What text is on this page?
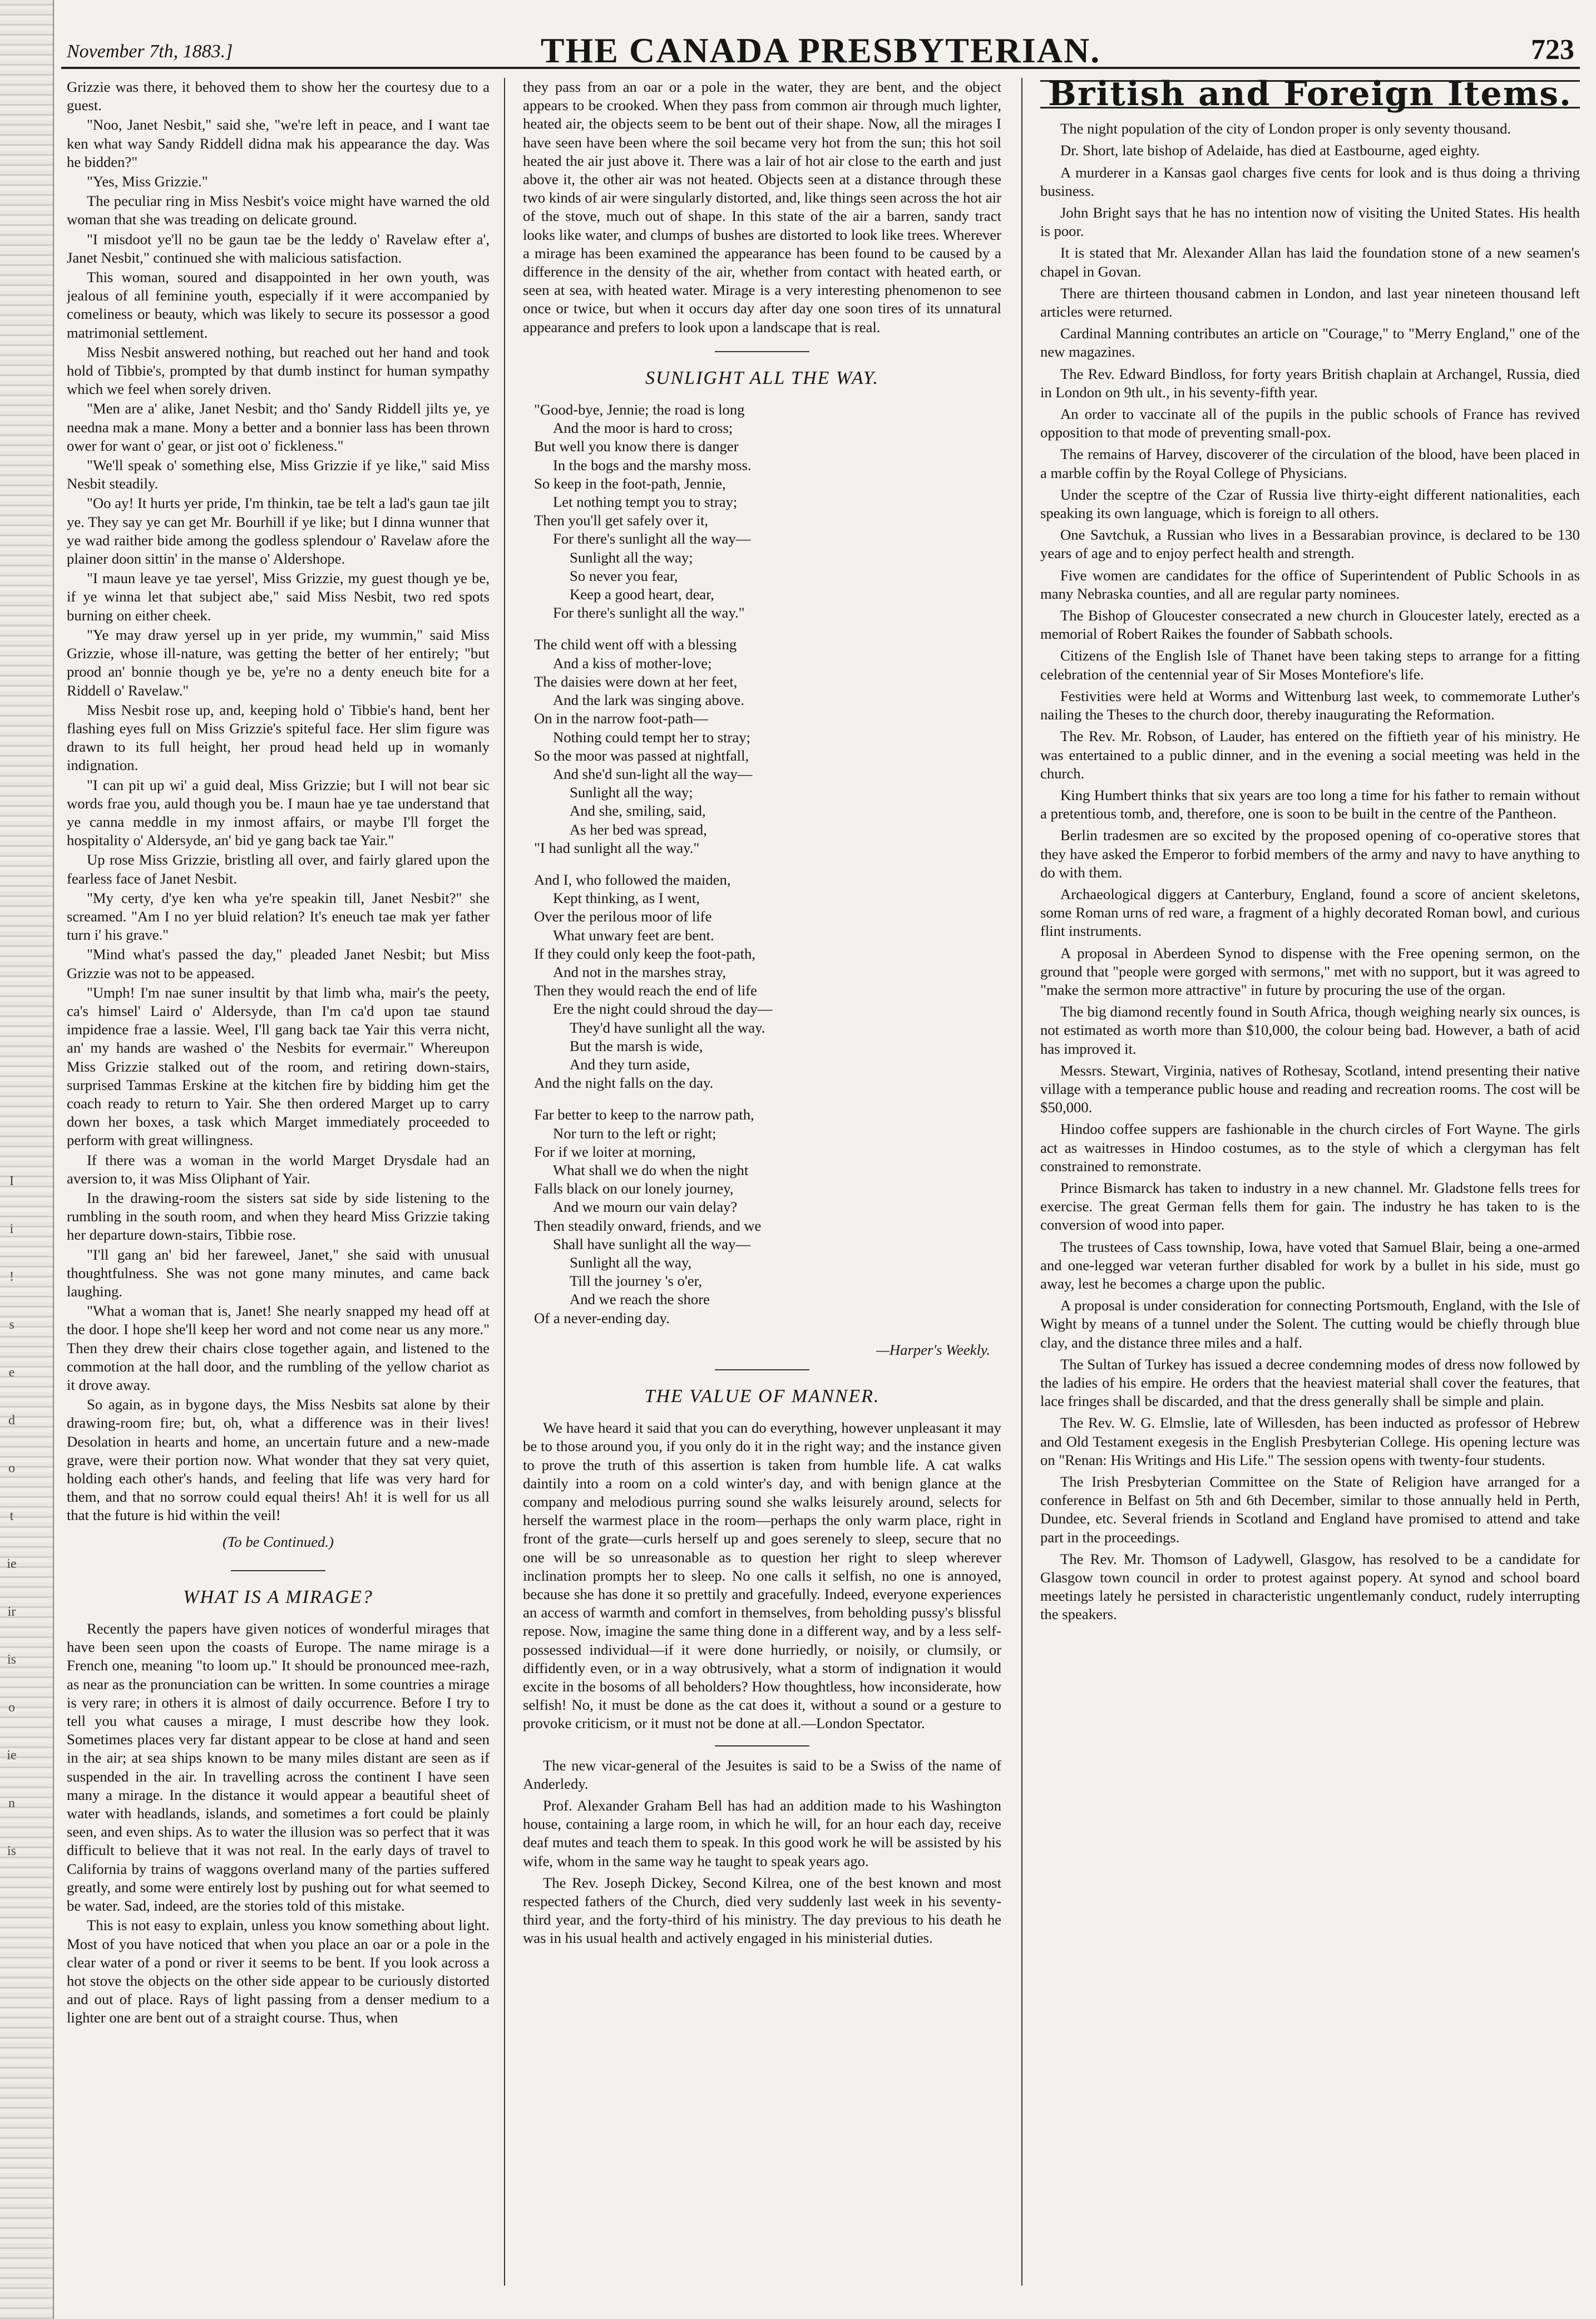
I
i
!
s
e
d
o
t
ie
ir
is
o
ie
n
is
November 7th, 1883.]	THE CANADA PRESBYTERIAN.	723

Grizzie was there, it behoved them to show her the courtesy due to a guest.

"Noo, Janet Nesbit," said she, "we're left in peace, and I want tae ken what way Sandy Riddell didna mak his appearance the day. Was he bidden?"

"Yes, Miss Grizzie."

The peculiar ring in Miss Nesbit's voice might have warned the old woman that she was treading on delicate ground.

"I misdoot ye'll no be gaun tae be the leddy o' Ravelaw efter a', Janet Nesbit," continued she with malicious satisfaction.

This woman, soured and disappointed in her own youth, was jealous of all feminine youth, especially if it were accompanied by comeliness or beauty, which was likely to secure its possessor a good matrimonial settlement.

Miss Nesbit answered nothing, but reached out her hand and took hold of Tibbie's, prompted by that dumb instinct for human sympathy which we feel when sorely driven.

"Men are a' alike, Janet Nesbit; and tho' Sandy Riddell jilts ye, ye needna mak a mane. Mony a better and a bonnier lass has been thrown ower for want o' gear, or jist oot o' fickleness."

"We'll speak o' something else, Miss Grizzie if ye like," said Miss Nesbit steadily.

"Oo ay! It hurts yer pride, I'm thinkin, tae be telt a lad's gaun tae jilt ye. They say ye can get Mr. Bourhill if ye like; but I dinna wunner that ye wad raither bide among the godless splendour o' Ravelaw afore the plainer doon sittin' in the manse o' Aldershope.

"I maun leave ye tae yersel', Miss Grizzie, my guest though ye be, if ye winna let that subject abe," said Miss Nesbit, two red spots burning on either cheek.

"Ye may draw yersel up in yer pride, my wummin," said Miss Grizzie, whose ill-nature, was getting the better of her entirely; "but prood an' bonnie though ye be, ye're no a denty eneuch bite for a Riddell o' Ravelaw."

Miss Nesbit rose up, and, keeping hold o' Tibbie's hand, bent her flashing eyes full on Miss Grizzie's spiteful face. Her slim figure was drawn to its full height, her proud head held up in womanly indignation.

"I can pit up wi' a guid deal, Miss Grizzie; but I will not bear sic words frae you, auld though you be. I maun hae ye tae understand that ye canna meddle in my inmost affairs, or maybe I'll forget the hospitality o' Aldersyde, an' bid ye gang back tae Yair."

Up rose Miss Grizzie, bristling all over, and fairly glared upon the fearless face of Janet Nesbit.

"My certy, d'ye ken wha ye're speakin till, Janet Nesbit?" she screamed. "Am I no yer bluid relation? It's eneuch tae mak yer father turn i' his grave."

"Mind what's passed the day," pleaded Janet Nesbit; but Miss Grizzie was not to be appeased.

"Umph! I'm nae suner insultit by that limb wha, mair's the peety, ca's himsel' Laird o' Aldersyde, than I'm ca'd upon tae staund impidence frae a lassie. Weel, I'll gang back tae Yair this verra nicht, an' my hands are washed o' the Nesbits for evermair." Whereupon Miss Grizzie stalked out of the room, and retiring down-stairs, surprised Tammas Erskine at the kitchen fire by bidding him get the coach ready to return to Yair. She then ordered Marget up to carry down her boxes, a task which Marget immediately proceeded to perform with great willingness.

If there was a woman in the world Marget Drysdale had an aversion to, it was Miss Oliphant of Yair.

In the drawing-room the sisters sat side by side listening to the rumbling in the south room, and when they heard Miss Grizzie taking her departure down-stairs, Tibbie rose.

"I'll gang an' bid her fareweel, Janet," she said with unusual thoughtfulness. She was not gone many minutes, and came back laughing.

"What a woman that is, Janet! She nearly snapped my head off at the door. I hope she'll keep her word and not come near us any more." Then they drew their chairs close together again, and listened to the commotion at the hall door, and the rumbling of the yellow chariot as it drove away.

So again, as in bygone days, the Miss Nesbits sat alone by their drawing-room fire; but, oh, what a difference was in their lives! Desolation in hearts and home, an uncertain future and a new-made grave, were their portion now. What wonder that they sat very quiet, holding each other's hands, and feeling that life was very hard for them, and that no sorrow could equal theirs! Ah! it is well for us all that the future is hid within the veil!

(To be Continued.)

WHAT IS A MIRAGE?

Recently the papers have given notices of wonderful mirages that have been seen upon the coasts of Europe. The name mirage is a French one, meaning "to loom up." It should be pronounced mee-razh, as near as the pronunciation can be written. In some countries a mirage is very rare; in others it is almost of daily occurrence. Before I try to tell you what causes a mirage, I must describe how they look. Sometimes places very far distant appear to be close at hand and seen in the air; at sea ships known to be many miles distant are seen as if suspended in the air. In travelling across the continent I have seen many a mirage. In the distance it would appear a beautiful sheet of water with headlands, islands, and sometimes a fort could be plainly seen, and even ships. As to water the illusion was so perfect that it was difficult to believe that it was not real. In the early days of travel to California by trains of waggons overland many of the parties suffered greatly, and some were entirely lost by pushing out for what seemed to be water. Sad, indeed, are the stories told of this mistake.

This is not easy to explain, unless you know something about light. Most of you have noticed that when you place an oar or a pole in the clear water of a pond or river it seems to be bent. If you look across a hot stove the objects on the other side appear to be curiously distorted and out of place. Rays of light passing from a denser medium to a lighter one are bent out of a straight course. Thus, when

they pass from an oar or a pole in the water, they are bent, and the object appears to be crooked. When they pass from common air through much lighter, heated air, the objects seem to be bent out of their shape. Now, all the mirages I have seen have been where the soil became very hot from the sun; this hot soil heated the air just above it. There was a lair of hot air close to the earth and just above it, the other air was not heated. Objects seen at a distance through these two kinds of air were singularly distorted, and, like things seen across the hot air of the stove, much out of shape. In this state of the air a barren, sandy tract looks like water, and clumps of bushes are distorted to look like trees. Wherever a mirage has been examined the appearance has been found to be caused by a difference in the density of the air, whether from contact with heated earth, or seen at sea, with heated water. Mirage is a very interesting phenomenon to see once or twice, but when it occurs day after day one soon tires of its unnatural appearance and prefers to look upon a landscape that is real.

SUNLIGHT ALL THE WAY.
"Good-bye, Jennie; the road is long
And the moor is hard to cross;
But well you know there is danger
In the bogs and the marshy moss.
So keep in the foot-path, Jennie,
Let nothing tempt you to stray;
Then you'll get safely over it,
For there's sunlight all the way—
Sunlight all the way;
So never you fear,
Keep a good heart, dear,
For there's sunlight all the way."
The child went off with a blessing
And a kiss of mother-love;
The daisies were down at her feet,
And the lark was singing above.
On in the narrow foot-path—
Nothing could tempt her to stray;
So the moor was passed at nightfall,
And she'd sun-light all the way—
Sunlight all the way;
And she, smiling, said,
As her bed was spread,
"I had sunlight all the way."
And I, who followed the maiden,
Kept thinking, as I went,
Over the perilous moor of life
What unwary feet are bent.
If they could only keep the foot-path,
And not in the marshes stray,
Then they would reach the end of life
Ere the night could shroud the day—
They'd have sunlight all the way.
But the marsh is wide,
And they turn aside,
And the night falls on the day.
Far better to keep to the narrow path,
Nor turn to the left or right;
For if we loiter at morning,
What shall we do when the night
Falls black on our lonely journey,
And we mourn our vain delay?
Then steadily onward, friends, and we
Shall have sunlight all the way—
Sunlight all the way,
Till the journey 's o'er,
And we reach the shore
Of a never-ending day.
—Harper's Weekly.
THE VALUE OF MANNER.

We have heard it said that you can do everything, however unpleasant it may be to those around you, if you only do it in the right way; and the instance given to prove the truth of this assertion is taken from humble life. A cat walks daintily into a room on a cold winter's day, and with benign glance at the company and melodious purring sound she walks leisurely around, selects for herself the warmest place in the room—perhaps the only warm place, right in front of the grate—curls herself up and goes serenely to sleep, secure that no one will be so unreasonable as to question her right to sleep wherever inclination prompts her to sleep. No one calls it selfish, no one is annoyed, because she has done it so prettily and gracefully. Indeed, everyone experiences an access of warmth and comfort in themselves, from beholding pussy's blissful repose. Now, imagine the same thing done in a different way, and by a less self-possessed individual—if it were done hurriedly, or noisily, or clumsily, or diffidently even, or in a way obtrusively, what a storm of indignation it would excite in the bosoms of all beholders? How thoughtless, how inconsiderate, how selfish! No, it must be done as the cat does it, without a sound or a gesture to provoke criticism, or it must not be done at all.—London Spectator.

The new vicar-general of the Jesuites is said to be a Swiss of the name of Anderledy.

Prof. Alexander Graham Bell has had an addition made to his Washington house, containing a large room, in which he will, for an hour each day, receive deaf mutes and teach them to speak. In this good work he will be assisted by his wife, whom in the same way he taught to speak years ago.

The Rev. Joseph Dickey, Second Kilrea, one of the best known and most respected fathers of the Church, died very suddenly last week in his seventy-third year, and the forty-third of his ministry. The day previous to his death he was in his usual health and actively engaged in his ministerial duties.

British and Foreign Items.

The night population of the city of London proper is only seventy thousand.

Dr. Short, late bishop of Adelaide, has died at Eastbourne, aged eighty.

A murderer in a Kansas gaol charges five cents for look and is thus doing a thriving business.

John Bright says that he has no intention now of visiting the United States. His health is poor.

It is stated that Mr. Alexander Allan has laid the foundation stone of a new seamen's chapel in Govan.

There are thirteen thousand cabmen in London, and last year nineteen thousand left articles were returned.

Cardinal Manning contributes an article on "Courage," to "Merry England," one of the new magazines.

The Rev. Edward Bindloss, for forty years British chaplain at Archangel, Russia, died in London on 9th ult., in his seventy-fifth year.

An order to vaccinate all of the pupils in the public schools of France has revived opposition to that mode of preventing small-pox.

The remains of Harvey, discoverer of the circulation of the blood, have been placed in a marble coffin by the Royal College of Physicians.

Under the sceptre of the Czar of Russia live thirty-eight different nationalities, each speaking its own language, which is foreign to all others.

One Savtchuk, a Russian who lives in a Bessarabian province, is declared to be 130 years of age and to enjoy perfect health and strength.

Five women are candidates for the office of Superintendent of Public Schools in as many Nebraska counties, and all are regular party nominees.

The Bishop of Gloucester consecrated a new church in Gloucester lately, erected as a memorial of Robert Raikes the founder of Sabbath schools.

Citizens of the English Isle of Thanet have been taking steps to arrange for a fitting celebration of the centennial year of Sir Moses Montefiore's life.

Festivities were held at Worms and Wittenburg last week, to commemorate Luther's nailing the Theses to the church door, thereby inaugurating the Reformation.

The Rev. Mr. Robson, of Lauder, has entered on the fiftieth year of his ministry. He was entertained to a public dinner, and in the evening a social meeting was held in the church.

King Humbert thinks that six years are too long a time for his father to remain without a pretentious tomb, and, therefore, one is soon to be built in the centre of the Pantheon.

Berlin tradesmen are so excited by the proposed opening of co-operative stores that they have asked the Emperor to forbid members of the army and navy to have anything to do with them.

Archaeological diggers at Canterbury, England, found a score of ancient skeletons, some Roman urns of red ware, a fragment of a highly decorated Roman bowl, and curious flint instruments.

A proposal in Aberdeen Synod to dispense with the Free opening sermon, on the ground that "people were gorged with sermons," met with no support, but it was agreed to "make the sermon more attractive" in future by procuring the use of the organ.

The big diamond recently found in South Africa, though weighing nearly six ounces, is not estimated as worth more than $10,000, the colour being bad. However, a bath of acid has improved it.

Messrs. Stewart, Virginia, natives of Rothesay, Scotland, intend presenting their native village with a temperance public house and reading and recreation rooms. The cost will be $50,000.

Hindoo coffee suppers are fashionable in the church circles of Fort Wayne. The girls act as waitresses in Hindoo costumes, as to the style of which a clergyman has felt constrained to remonstrate.

Prince Bismarck has taken to industry in a new channel. Mr. Gladstone fells trees for exercise. The great German fells them for gain. The industry he has taken to is the conversion of wood into paper.

The trustees of Cass township, Iowa, have voted that Samuel Blair, being a one-armed and one-legged war veteran further disabled for work by a bullet in his side, must go away, lest he becomes a charge upon the public.

A proposal is under consideration for connecting Portsmouth, England, with the Isle of Wight by means of a tunnel under the Solent. The cutting would be chiefly through blue clay, and the distance three miles and a half.

The Sultan of Turkey has issued a decree condemning modes of dress now followed by the ladies of his empire. He orders that the heaviest material shall cover the features, that lace fringes shall be discarded, and that the dress generally shall be simple and plain.

The Rev. W. G. Elmslie, late of Willesden, has been inducted as professor of Hebrew and Old Testament exegesis in the English Presbyterian College. His opening lecture was on "Renan: His Writings and His Life." The session opens with twenty-four students.

The Irish Presbyterian Committee on the State of Religion have arranged for a conference in Belfast on 5th and 6th December, similar to those annually held in Perth, Dundee, etc. Several friends in Scotland and England have promised to attend and take part in the proceedings.

The Rev. Mr. Thomson of Ladywell, Glasgow, has resolved to be a candidate for Glasgow town council in order to protest against popery. At synod and school board meetings lately he persisted in characteristic ungentlemanly conduct, rudely interrupting the speakers.
